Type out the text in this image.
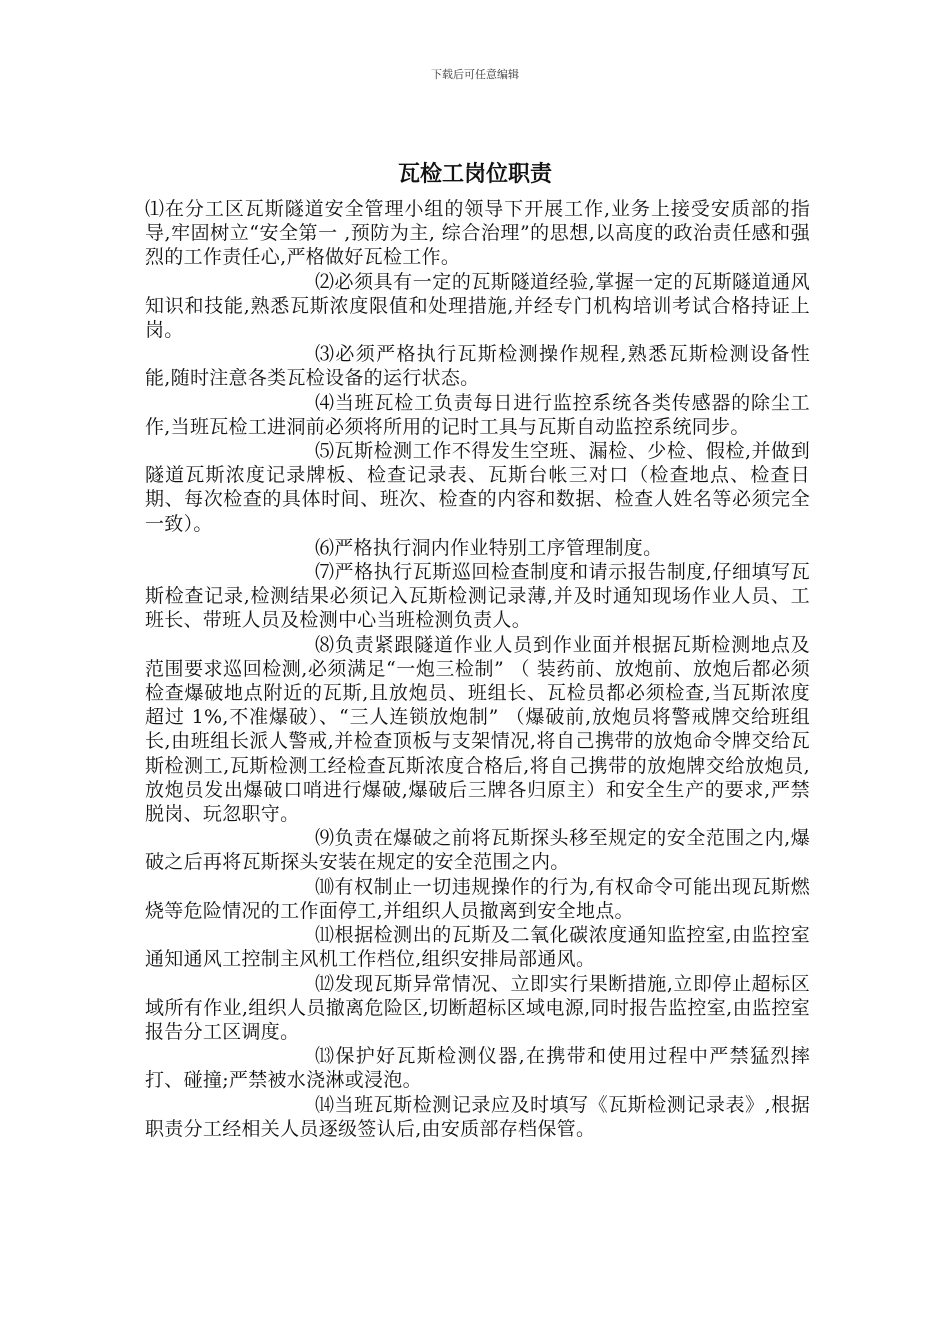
下载后可任意编辑
瓦检工岗位职责

⑴在分工区瓦斯隧道安全管理小组的领导下开展工作,业务上接受安质部的指导,牢固树立“安全第一 ,预防为主, 综合治理”的思想,以高度的政治责任感和强烈的工作责任心,严格做好瓦检工作。

⑵必须具有一定的瓦斯隧道经验,掌握一定的瓦斯隧道通风知识和技能,熟悉瓦斯浓度限值和处理措施,并经专门机构培训考试合格持证上岗。

⑶必须严格执行瓦斯检测操作规程,熟悉瓦斯检测设备性能,随时注意各类瓦检设备的运行状态。

⑷当班瓦检工负责每日进行监控系统各类传感器的除尘工作,当班瓦检工进洞前必须将所用的记时工具与瓦斯自动监控系统同步。

⑸瓦斯检测工作不得发生空班、漏检、少检、假检,并做到隧道瓦斯浓度记录牌板、检查记录表、瓦斯台帐三对口（检查地点、检查日期、每次检查的具体时间、班次、检查的内容和数据、检查人姓名等必须完全一致）。

⑹严格执行洞内作业特别工序管理制度。

⑺严格执行瓦斯巡回检查制度和请示报告制度,仔细填写瓦斯检查记录,检测结果必须记入瓦斯检测记录薄,并及时通知现场作业人员、工班长、带班人员及检测中心当班检测负责人。

⑻负责紧跟隧道作业人员到作业面并根据瓦斯检测地点及范围要求巡回检测,必须满足“一炮三检制” （ 装药前、放炮前、放炮后都必须检查爆破地点附近的瓦斯,且放炮员、班组长、瓦检员都必须检查,当瓦斯浓度超过 1%,不准爆破）、“三人连锁放炮制” （爆破前,放炮员将警戒牌交给班组长,由班组长派人警戒,并检查顶板与支架情况,将自己携带的放炮命令牌交给瓦斯检测工,瓦斯检测工经检查瓦斯浓度合格后,将自己携带的放炮牌交给放炮员,放炮员发出爆破口哨进行爆破,爆破后三牌各归原主）和安全生产的要求,严禁脱岗、玩忽职守。

⑼负责在爆破之前将瓦斯探头移至规定的安全范围之内,爆破之后再将瓦斯探头安装在规定的安全范围之内。

⑽有权制止一切违规操作的行为,有权命令可能出现瓦斯燃烧等危险情况的工作面停工,并组织人员撤离到安全地点。

⑾根据检测出的瓦斯及二氧化碳浓度通知监控室,由监控室通知通风工控制主风机工作档位,组织安排局部通风。

⑿发现瓦斯异常情况、立即实行果断措施,立即停止超标区域所有作业,组织人员撤离危险区,切断超标区域电源,同时报告监控室,由监控室报告分工区调度。

⒀保护好瓦斯检测仪器,在携带和使用过程中严禁猛烈摔打、碰撞;严禁被水浇淋或浸泡。

⒁当班瓦斯检测记录应及时填写《瓦斯检测记录表》,根据职责分工经相关人员逐级签认后,由安质部存档保管。
